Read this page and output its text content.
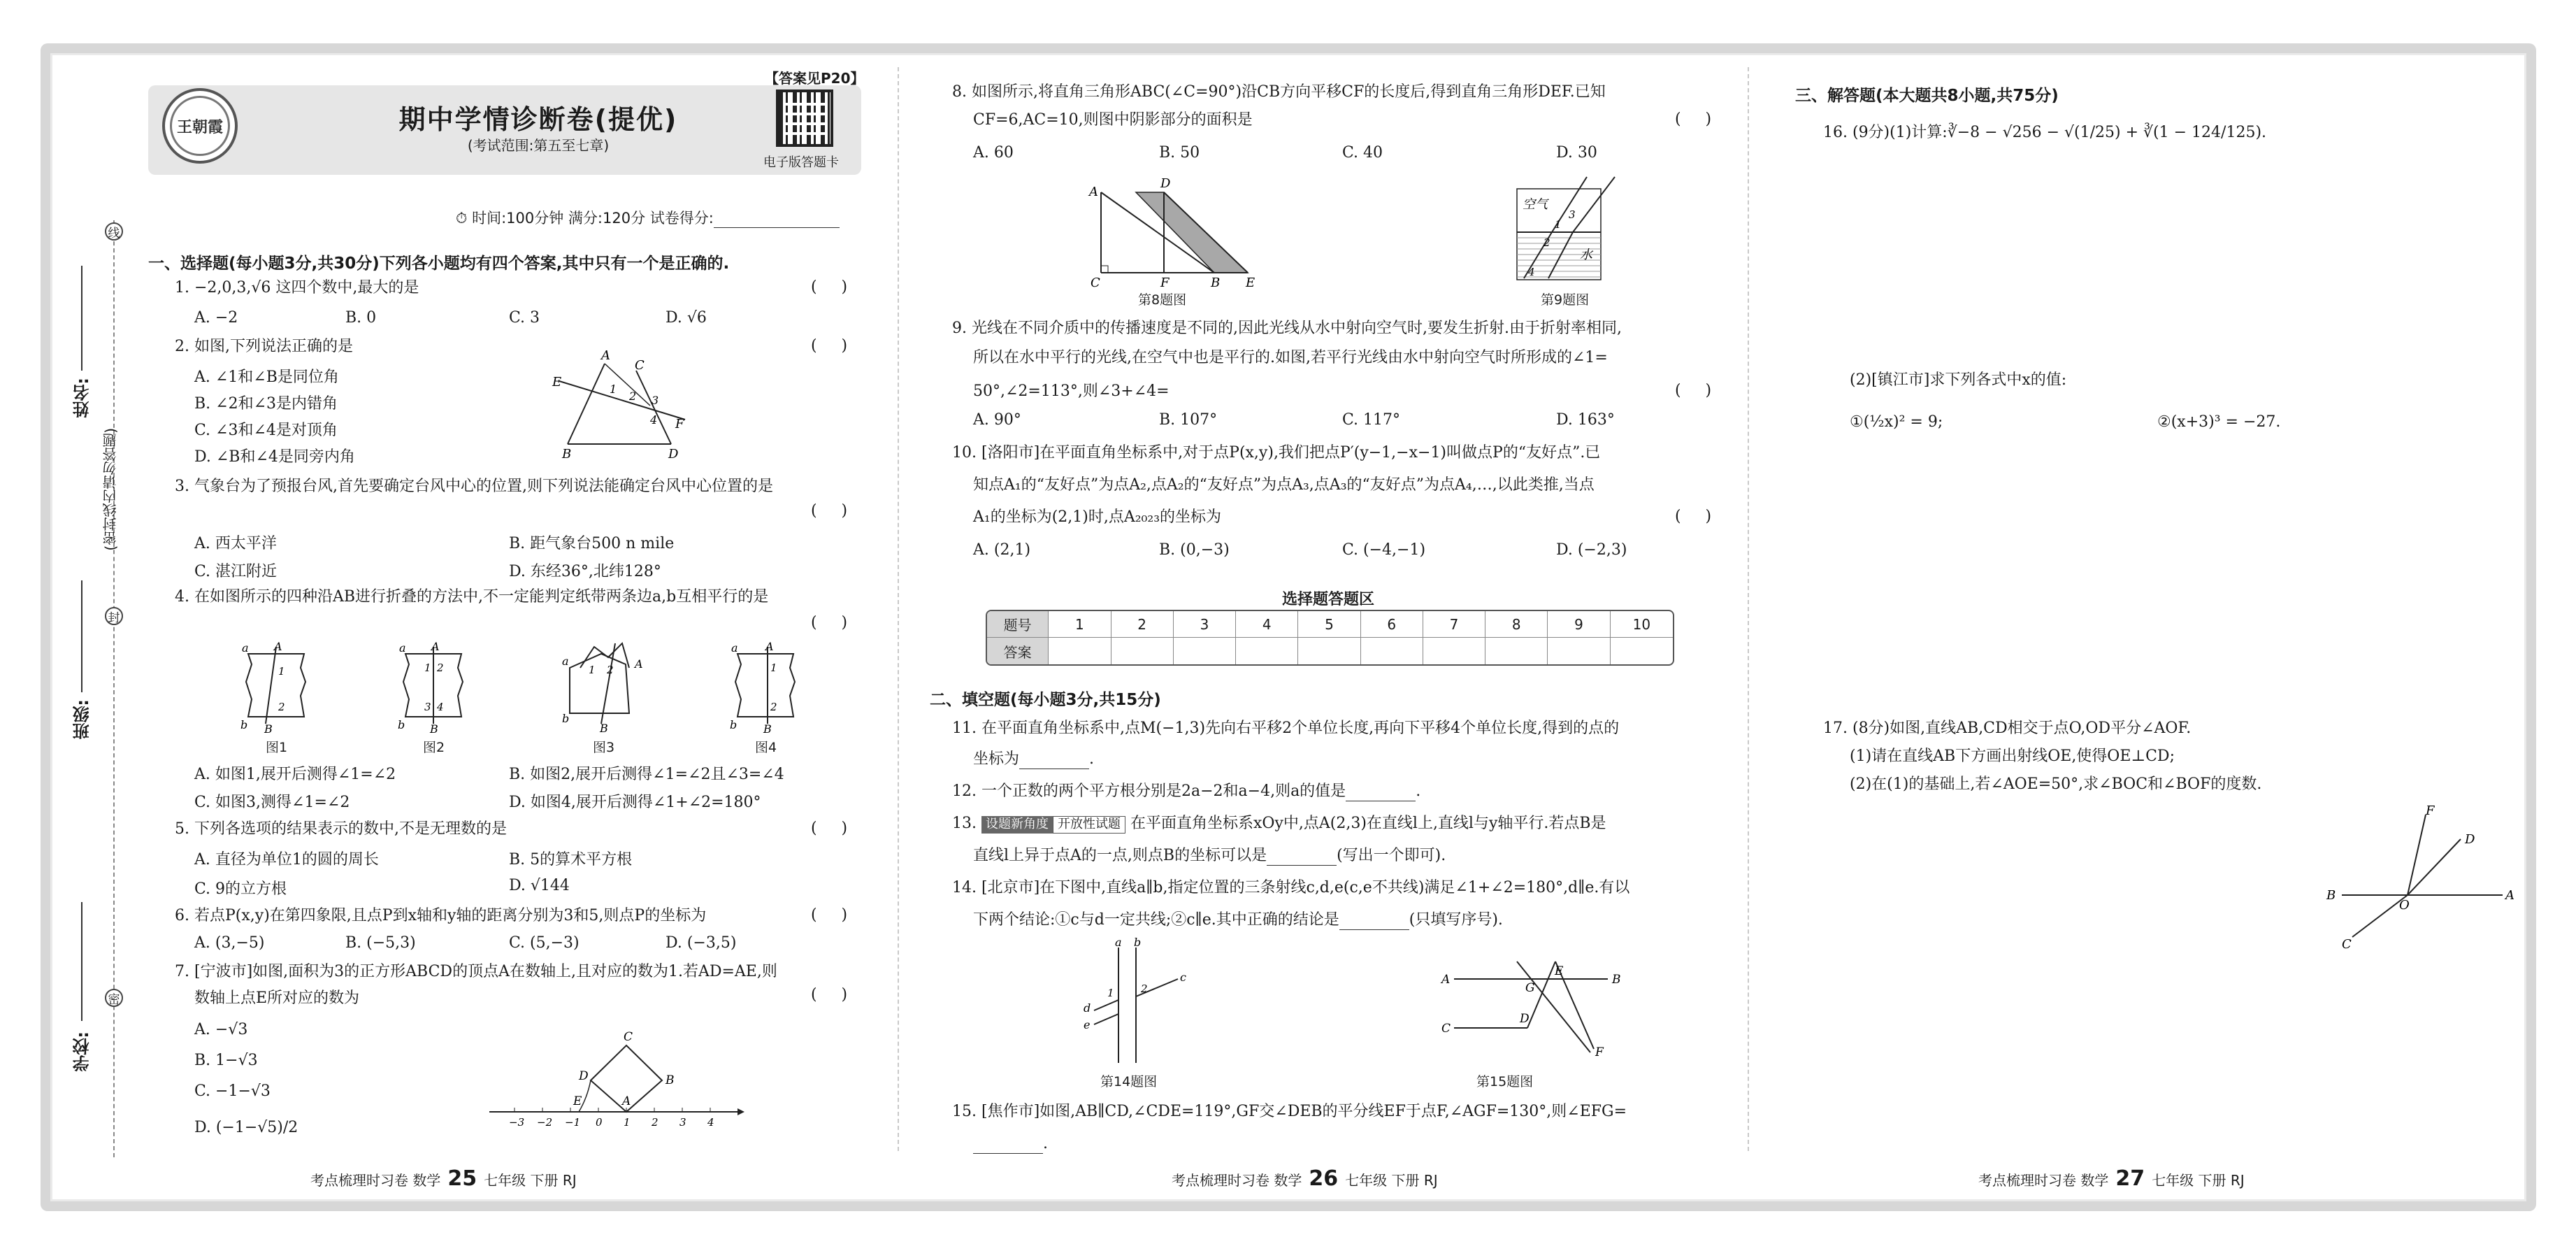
姓名:
班级:
学校:
线
封
密
(密封线内请勿答题)
王朝霞	期中学情诊断卷(提优)
(考试范围:第五至七章)
【答案见P20】
电子版答题卡
⏱ 时间:100分钟 满分:120分 试卷得分:
一、选择题(每小题3分,共30分)下列各小题均有四个答案,其中只有一个是正确的.
1. −2,0,3,√6 这四个数中,最大的是	(     )
A. −2	B. 0	C. 3	D. √6
2. 如图,下列说法正确的是	(     )
A. ∠1和∠B是同位角
B. ∠2和∠3是内错角
C. ∠3和∠4是对顶角
D. ∠B和∠4是同旁内角
A
E
C
B	D
F
1
2 3
4
3. 气象台为了预报台风,首先要确定台风中心的位置,则下列说法能确定台风中心位置的是
(     )
A. 西太平洋	B. 距气象台500 n mile
C. 湛江附近	D. 东经36°,北纬128°
4. 在如图所示的四种沿AB进行折叠的方法中,不一定能判定纸带两条边a,b互相平行的是
(     )
a A
b B
1
2
a A
b B
1 2
3 4
a	A
b
B
1 2
a A
b B
1
2
图1	图2	图3	图4
A. 如图1,展开后测得∠1=∠2	B. 如图2,展开后测得∠1=∠2且∠3=∠4
C. 如图3,测得∠1=∠2	D. 如图4,展开后测得∠1+∠2=180°
5. 下列各选项的结果表示的数中,不是无理数的是	(     )
A. 直径为单位1的圆的周长	B. 5的算术平方根
C. 9的立方根	D. √144
6. 若点P(x,y)在第四象限,且点P到x轴和y轴的距离分别为3和5,则点P的坐标为	(     )
A. (3,−5)	B. (−5,3)	C. (5,−3)	D. (−3,5)
7. [宁波市]如图,面积为3的正方形ABCD的顶点A在数轴上,且对应的数为1.若AD=AE,则
(     )
数轴上点E所对应的数为
A. −√3
B. 1−√3
C. −1−√3
D. (−1−√5)/2	−3 −2 −1 0 1 2 3 4
C
D	B
A
E
考点梳理时习卷 数学 25 七年级 下册 RJ
8. 如图所示,将直角三角形ABC(∠C=90°)沿CB方向平移CF的长度后,得到直角三角形DEF.已知
CF=6,AC=10,则图中阴影部分的面积是	(     )
A. 60	B. 50	C. 40	D. 30
A
D
C	F	B E
第8题图
空气
水
1
3
2
4
第9题图
9. 光线在不同介质中的传播速度是不同的,因此光线从水中射向空气时,要发生折射.由于折射率相同,
所以在水中平行的光线,在空气中也是平行的.如图,若平行光线由水中射向空气时所形成的∠1=
50°,∠2=113°,则∠3+∠4=	(     )
A. 90°	B. 107°	C. 117°	D. 163°
10. [洛阳市]在平面直角坐标系中,对于点P(x,y),我们把点P′(y−1,−x−1)叫做点P的“友好点”.已
知点A₁的“友好点”为点A₂,点A₂的“友好点”为点A₃,点A₃的“友好点”为点A₄,…,以此类推,当点
A₁的坐标为(2,1)时,点A₂₀₂₃的坐标为	(     )
A. (2,1)	B. (0,−3)	C. (−4,−1)	D. (−2,3)
选择题答题区
题号	1	2	3	4	5	6	7	8	9	10
答案										
二、填空题(每小题3分,共15分)
11. 在平面直角坐标系中,点M(−1,3)先向右平移2个单位长度,再向下平移4个单位长度,得到的点的
坐标为	.
12. 一个正数的两个平方根分别是2a−2和a−4,则a的值是	.
13. 设题新角度 开放性试题 在平面直角坐标系xOy中,点A(2,3)在直线l上,直线l与y轴平行.若点B是
直线l上异于点A的一点,则点B的坐标可以是	(写出一个即可).
14. [北京市]在下图中,直线a∥b,指定位置的三条射线c,d,e(c,e不共线)满足∠1+∠2=180°,d∥e.有以
下两个结论:①c与d一定共线;②c∥e.其中正确的结论是	(只填写序号).
a b
c
d
e
1	2
第14题图
A	B
C
D
G
E
F
第15题图
15. [焦作市]如图,AB∥CD,∠CDE=119°,GF交∠DEB的平分线EF于点F,∠AGF=130°,则∠EFG=
.
考点梳理时习卷 数学 26 七年级 下册 RJ
三、解答题(本大题共8小题,共75分)
16. (9分)(1)计算:∛−8 − √256 − √(1/25) + ∛(1 − 124/125).
(2)[镇江市]求下列各式中x的值:
①(½x)² = 9;	②(x+3)³ = −27.
17. (8分)如图,直线AB,CD相交于点O,OD平分∠AOF.
(1)请在直线AB下方画出射线OE,使得OE⊥CD;
(2)在(1)的基础上,若∠AOE=50°,求∠BOC和∠BOF的度数.
B	A
O
F
D
C
考点梳理时习卷 数学 27 七年级 下册 RJ
